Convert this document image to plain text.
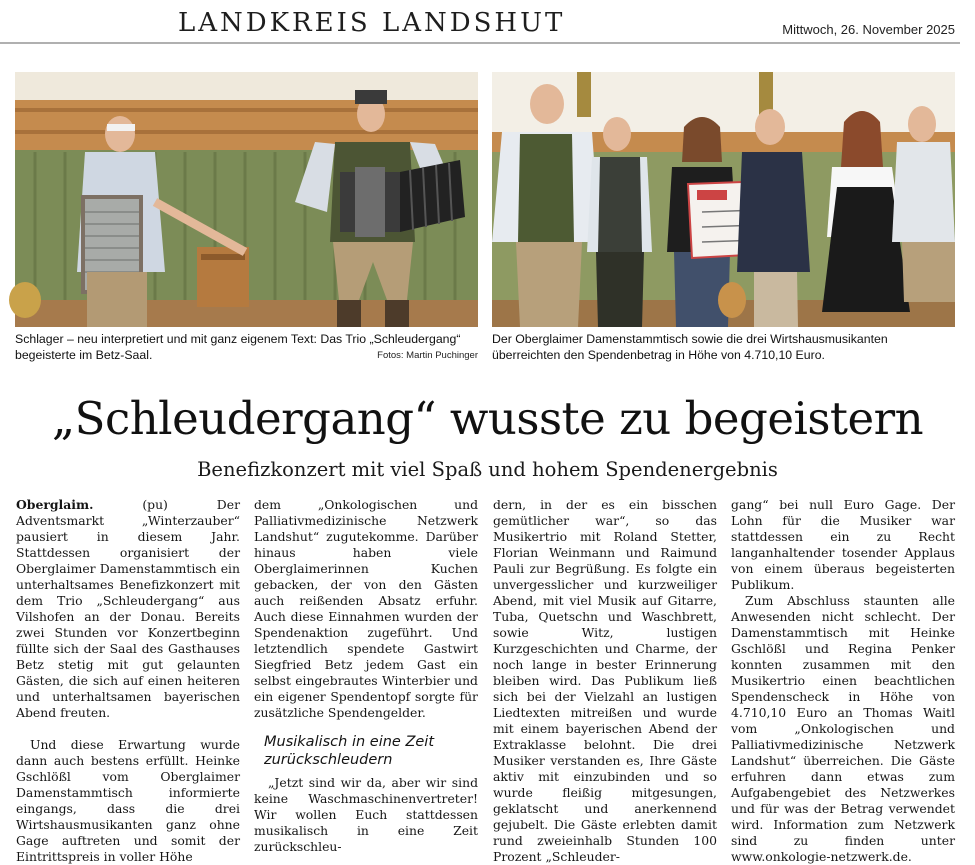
LANDKREIS LANDSHUT	Mittwoch, 26. November 2025
Schlager – neu interpretiert und mit ganz eigenem Text: Das Trio „Schleudergang“ begeisterte im Betz-Saal.	Fotos: Martin Puchinger
Der Oberglaimer Damenstammtisch sowie die drei Wirtshausmusikanten überreichten den Spendenbetrag in Höhe von 4.710,10 Euro.
„Schleudergang“ wusste zu begeistern
Benefizkonzert mit viel Spaß und hohem Spendenergebnis

Oberglaim. (pu) Der Adventsmarkt „Winterzauber“ pausiert in diesem Jahr. Stattdessen organisiert der Oberglaimer Damenstammtisch ein unterhaltsames Benefizkonzert mit dem Trio „Schleudergang“ aus Vilshofen an der Donau. Bereits zwei Stunden vor Konzertbeginn füllte sich der Saal des Gasthauses Betz stetig mit gut gelaunten Gästen, die sich auf einen heiteren und unterhaltsamen bayerischen Abend freuten.

Und diese Erwartung wurde dann auch bestens erfüllt. Heinke Gschlößl vom Oberglaimer Damenstammtisch informierte eingangs, dass die drei Wirtshausmusikanten ganz ohne Gage auftreten und somit der Eintrittspreis in voller Höhe

dem „Onkologischen und Palliativmedizinische Netzwerk Landshut“ zugutekomme. Darüber hinaus haben viele Oberglaimerinnen Kuchen gebacken, der von den Gästen auch reißenden Absatz erfuhr. Auch diese Einnahmen wurden der Spendenaktion zugeführt. Und letztendlich spendete Gastwirt Siegfried Betz jedem Gast ein selbst eingebrautes Winterbier und ein eigener Spendentopf sorgte für zusätzliche Spendengelder.

Musikalisch in eine Zeit zurückschleudern

„Jetzt sind wir da, aber wir sind keine Waschmaschinenvertreter! Wir wollen Euch stattdessen musikalisch in eine Zeit zurückschleu-

dern, in der es ein bisschen gemütlicher war“, so das Musikertrio mit Roland Stetter, Florian Weinmann und Raimund Pauli zur Begrüßung. Es folgte ein unvergesslicher und kurzweiliger Abend, mit viel Musik auf Gitarre, Tuba, Quetschn und Waschbrett, sowie Witz, lustigen Kurzgeschichten und Charme, der noch lange in bester Erinnerung bleiben wird. Das Publikum ließ sich bei der Vielzahl an lustigen Liedtexten mitreißen und wurde mit einem bayerischen Abend der Extraklasse belohnt. Die drei Musiker verstanden es, Ihre Gäste aktiv mit einzubinden und so wurde fleißig mitgesungen, geklatscht und anerkennend gejubelt. Die Gäste erlebten damit rund zweieinhalb Stunden 100 Prozent „Schleuder-

gang“ bei null Euro Gage. Der Lohn für die Musiker war stattdessen ein zu Recht langanhaltender tosender Applaus von einem überaus begeisterten Publikum.

Zum Abschluss staunten alle Anwesenden nicht schlecht. Der Damenstammtisch mit Heinke Gschlößl und Regina Penker konnten zusammen mit den Musikertrio einen beachtlichen Spendenscheck in Höhe von 4.710,10 Euro an Thomas Waitl vom „Onkologischen und Palliativmedizinische Netzwerk Landshut“ überreichen. Die Gäste erfuhren dann etwas zum Aufgabengebiet des Netzwerkes und für was der Betrag verwendet wird. Information zum Netzwerk sind zu finden unter www.onkologie-netzwerk.de.
